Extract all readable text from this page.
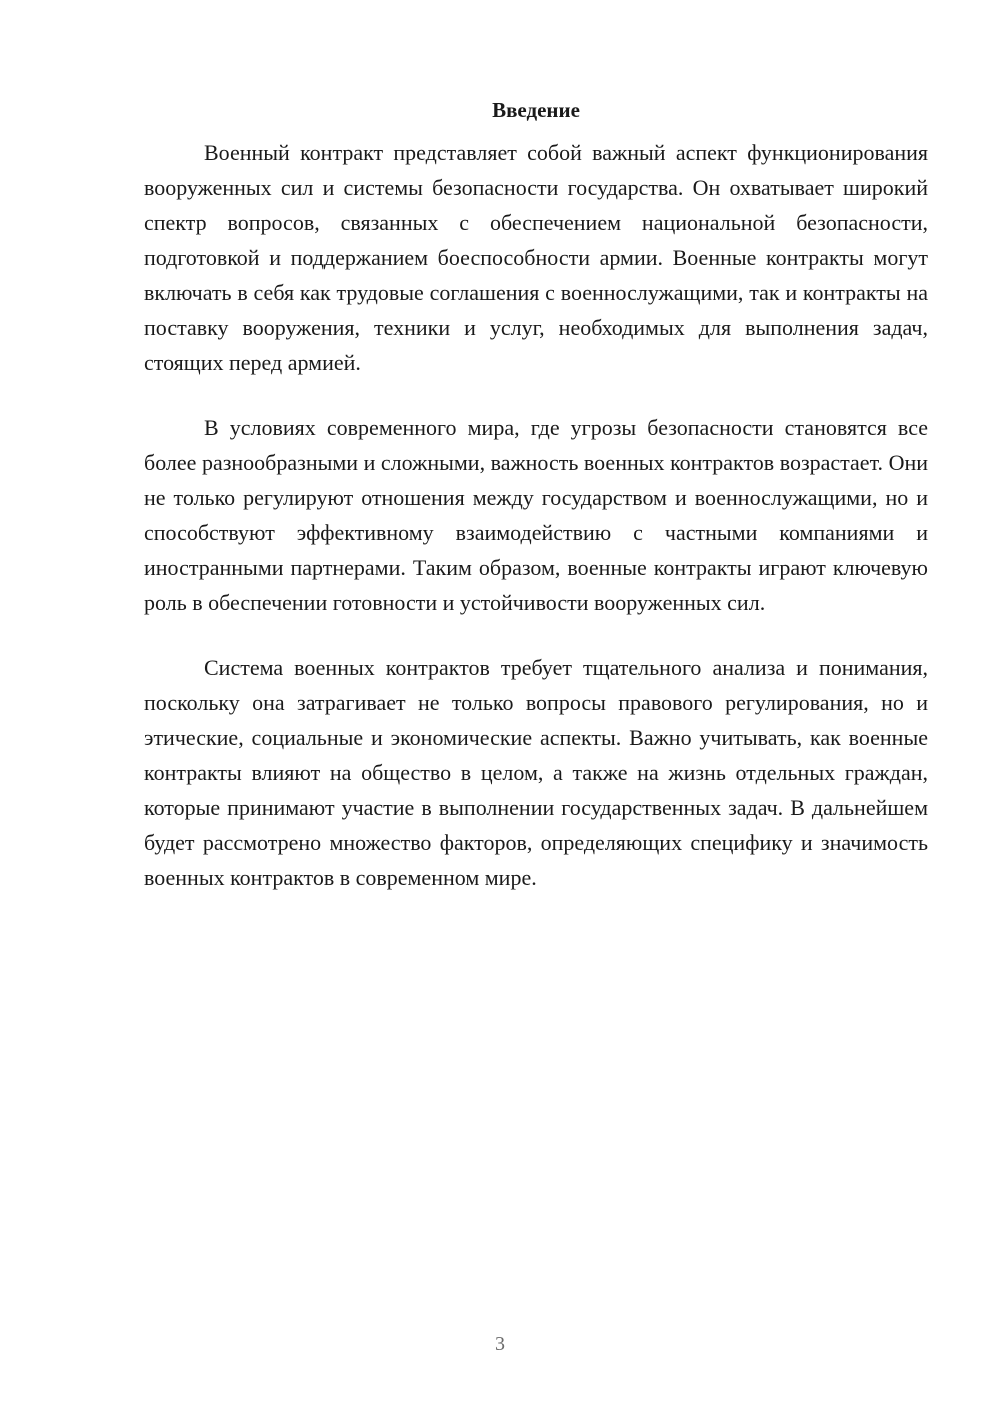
Введение

Военный контракт представляет собой важный аспект функционирования вооруженных сил и системы безопасности государства. Он охватывает широкий спектр вопросов, связанных с обеспечением национальной безопасности, подготовкой и поддержанием боеспособности армии. Военные контракты могут включать в себя как трудовые соглашения с военнослужащими, так и контракты на поставку вооружения, техники и услуг, необходимых для выполнения задач, стоящих перед армией.

В условиях современного мира, где угрозы безопасности становятся все более разнообразными и сложными, важность военных контрактов возрастает. Они не только регулируют отношения между государством и военнослужащими, но и способствуют эффективному взаимодействию с частными компаниями и иностранными партнерами. Таким образом, военные контракты играют ключевую роль в обеспечении готовности и устойчивости вооруженных сил.

Система военных контрактов требует тщательного анализа и понимания, поскольку она затрагивает не только вопросы правового регулирования, но и этические, социальные и экономические аспекты. Важно учитывать, как военные контракты влияют на общество в целом, а также на жизнь отдельных граждан, которые принимают участие в выполнении государственных задач. В дальнейшем будет рассмотрено множество факторов, определяющих специфику и значимость военных контрактов в современном мире.

3
